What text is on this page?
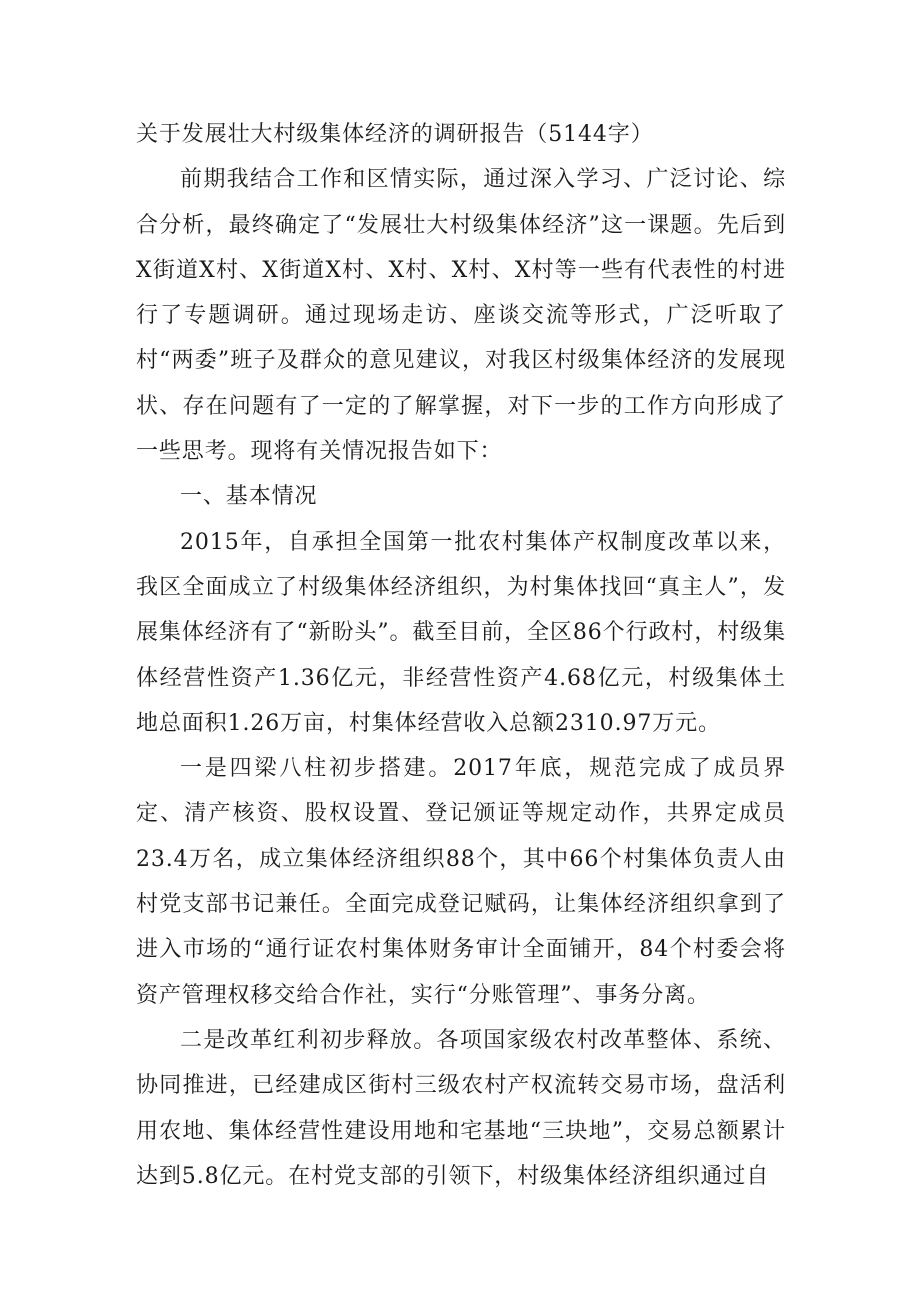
关于发展壮大村级集体经济的调研报告（5144字）

前期我结合工作和区情实际，通过深入学习、广泛讨论、综合分析，最终确定了“发展壮大村级集体经济”这一课题。先后到X街道X村、X街道X村、X村、X村、X村等一些有代表性的村进行了专题调研。通过现场走访、座谈交流等形式，广泛听取了村“两委”班子及群众的意见建议，对我区村级集体经济的发展现状、存在问题有了一定的了解掌握，对下一步的工作方向形成了一些思考。现将有关情况报告如下：

一、基本情况

2015年，自承担全国第一批农村集体产权制度改革以来，我区全面成立了村级集体经济组织，为村集体找回“真主人”，发展集体经济有了“新盼头”。截至目前，全区86个行政村，村级集体经营性资产1.36亿元，非经营性资产4.68亿元，村级集体土地总面积1.26万亩，村集体经营收入总额2310.97万元。

一是四梁八柱初步搭建。2017年底，规范完成了成员界定、清产核资、股权设置、登记颁证等规定动作，共界定成员23.4万名，成立集体经济组织88个，其中66个村集体负责人由村党支部书记兼任。全面完成登记赋码，让集体经济组织拿到了进入市场的“通行证农村集体财务审计全面铺开，84个村委会将资产管理权移交给合作社，实行“分账管理”、事务分离。

二是改革红利初步释放。各项国家级农村改革整体、系统、协同推进，已经建成区街村三级农村产权流转交易市场，盘活利用农地、集体经营性建设用地和宅基地“三块地”，交易总额累计达到5.8亿元。在村党支部的引领下，村级集体经济组织通过自
